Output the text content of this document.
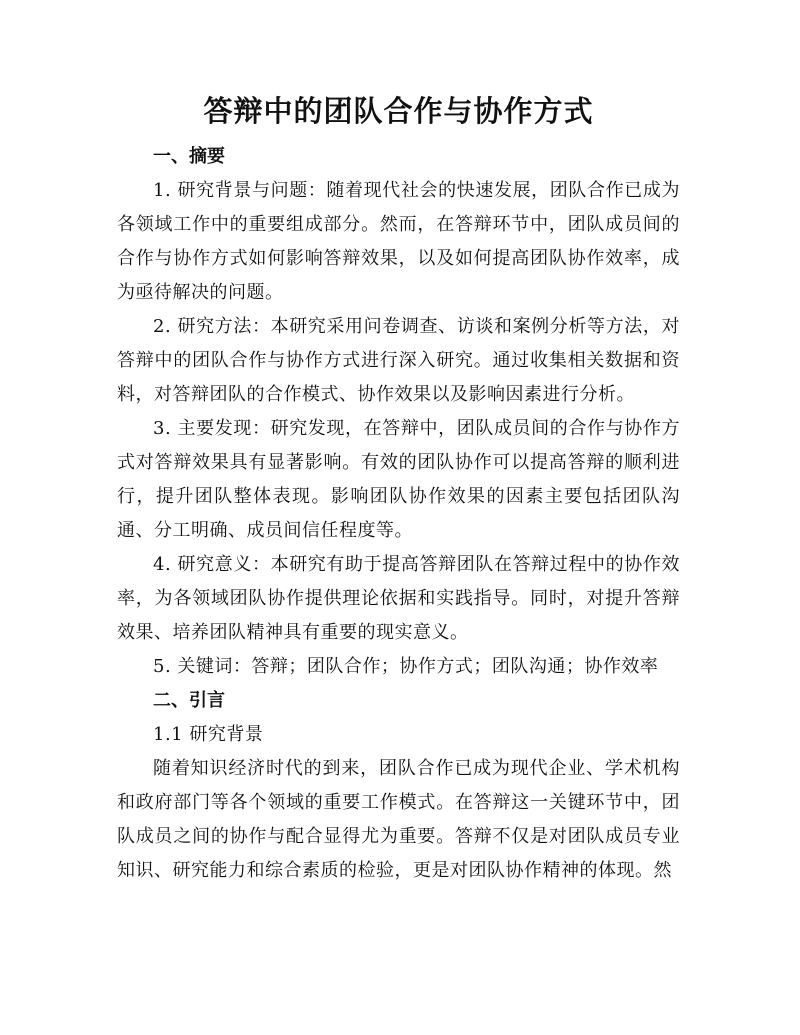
答辩中的团队合作与协作方式

一、摘要

1. 研究背景与问题：随着现代社会的快速发展，团队合作已成为各领域工作中的重要组成部分。然而，在答辩环节中，团队成员间的合作与协作方式如何影响答辩效果，以及如何提高团队协作效率，成为亟待解决的问题。

2. 研究方法：本研究采用问卷调查、访谈和案例分析等方法，对答辩中的团队合作与协作方式进行深入研究。通过收集相关数据和资料，对答辩团队的合作模式、协作效果以及影响因素进行分析。

3. 主要发现：研究发现，在答辩中，团队成员间的合作与协作方式对答辩效果具有显著影响。有效的团队协作可以提高答辩的顺利进行，提升团队整体表现。影响团队协作效果的因素主要包括团队沟通、分工明确、成员间信任程度等。

4. 研究意义：本研究有助于提高答辩团队在答辩过程中的协作效率，为各领域团队协作提供理论依据和实践指导。同时，对提升答辩效果、培养团队精神具有重要的现实意义。

5. 关键词：答辩；团队合作；协作方式；团队沟通；协作效率

二、引言

1.1 研究背景

随着知识经济时代的到来，团队合作已成为现代企业、学术机构和政府部门等各个领域的重要工作模式。在答辩这一关键环节中，团队成员之间的协作与配合显得尤为重要。答辩不仅是对团队成员专业知识、研究能力和综合素质的检验，更是对团队协作精神的体现。然
